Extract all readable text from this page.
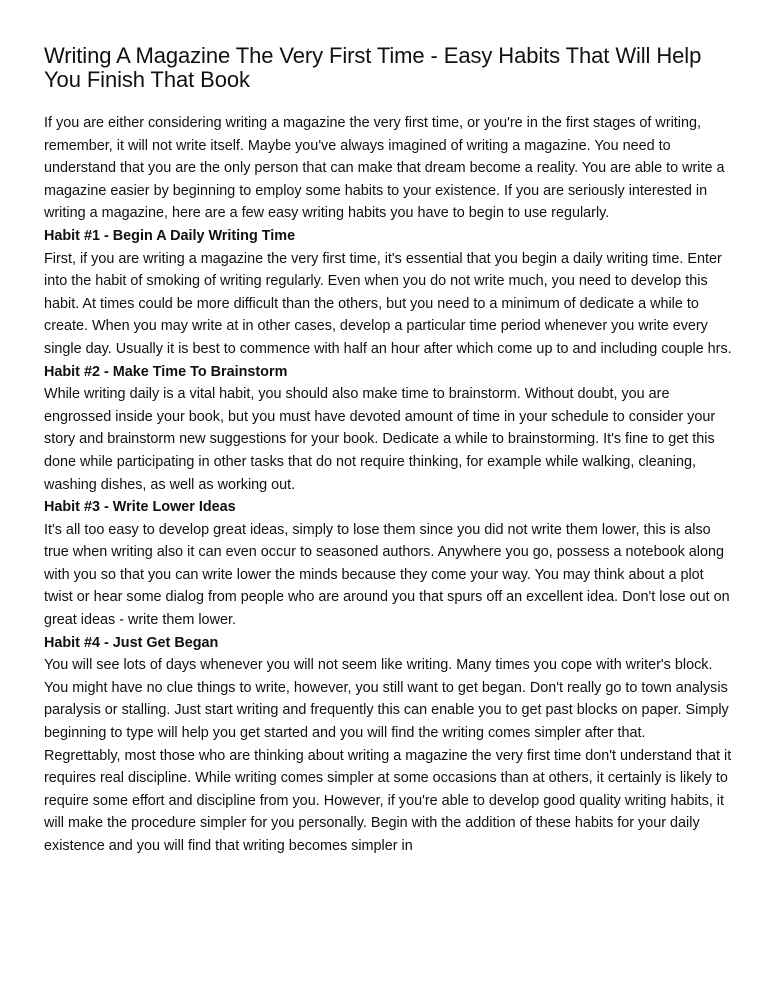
Writing A Magazine The Very First Time - Easy Habits That Will Help You Finish That Book

If you are either considering writing a magazine the very first time, or you're in the first stages of writing, remember, it will not write itself. Maybe you've always imagined of writing a magazine. You need to understand that you are the only person that can make that dream become a reality. You are able to write a magazine easier by beginning to employ some habits to your existence. If you are seriously interested in writing a magazine, here are a few easy writing habits you have to begin to use regularly.

Habit #1 - Begin A Daily Writing Time

First, if you are writing a magazine the very first time, it's essential that you begin a daily writing time. Enter into the habit of smoking of writing regularly. Even when you do not write much, you need to develop this habit. At times could be more difficult than the others, but you need to a minimum of dedicate a while to create. When you may write at in other cases, develop a particular time period whenever you write every single day. Usually it is best to commence with half an hour after which come up to and including couple hrs.

Habit #2 - Make Time To Brainstorm

While writing daily is a vital habit, you should also make time to brainstorm. Without doubt, you are engrossed inside your book, but you must have devoted amount of time in your schedule to consider your story and brainstorm new suggestions for your book. Dedicate a while to brainstorming. It's fine to get this done while participating in other tasks that do not require thinking, for example while walking, cleaning, washing dishes, as well as working out.

Habit #3 - Write Lower Ideas

It's all too easy to develop great ideas, simply to lose them since you did not write them lower, this is also true when writing also it can even occur to seasoned authors. Anywhere you go, possess a notebook along with you so that you can write lower the minds because they come your way. You may think about a plot twist or hear some dialog from people who are around you that spurs off an excellent idea. Don't lose out on great ideas - write them lower.

Habit #4 - Just Get Began

You will see lots of days whenever you will not seem like writing. Many times you cope with writer's block. You might have no clue things to write, however, you still want to get began. Don't really go to town analysis paralysis or stalling. Just start writing and frequently this can enable you to get past blocks on paper. Simply beginning to type will help you get started and you will find the writing comes simpler after that.

Regrettably, most those who are thinking about writing a magazine the very first time don't understand that it requires real discipline. While writing comes simpler at some occasions than at others, it certainly is likely to require some effort and discipline from you. However, if you're able to develop good quality writing habits, it will make the procedure simpler for you personally. Begin with the addition of these habits for your daily existence and you will find that writing becomes simpler in
